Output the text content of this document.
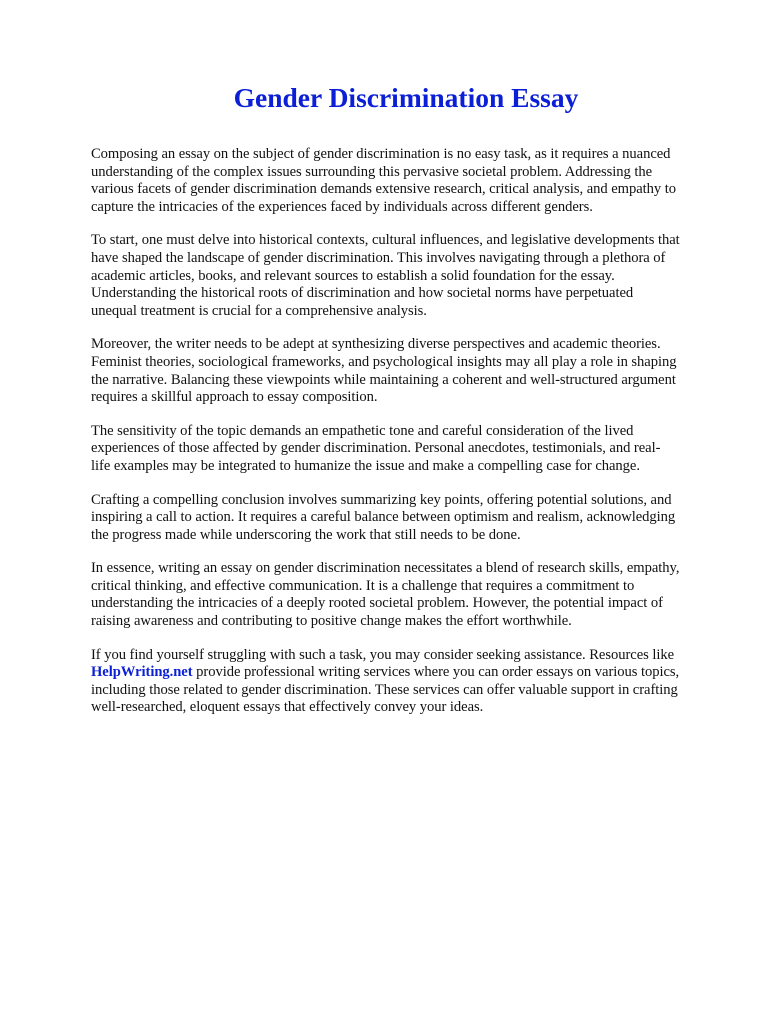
Gender Discrimination Essay

Composing an essay on the subject of gender discrimination is no easy task, as it requires a nuanced
understanding of the complex issues surrounding this pervasive societal problem. Addressing the
various facets of gender discrimination demands extensive research, critical analysis, and empathy to
capture the intricacies of the experiences faced by individuals across different genders.

To start, one must delve into historical contexts, cultural influences, and legislative developments that
have shaped the landscape of gender discrimination. This involves navigating through a plethora of
academic articles, books, and relevant sources to establish a solid foundation for the essay.
Understanding the historical roots of discrimination and how societal norms have perpetuated
unequal treatment is crucial for a comprehensive analysis.

Moreover, the writer needs to be adept at synthesizing diverse perspectives and academic theories.
Feminist theories, sociological frameworks, and psychological insights may all play a role in shaping
the narrative. Balancing these viewpoints while maintaining a coherent and well-structured argument
requires a skillful approach to essay composition.

The sensitivity of the topic demands an empathetic tone and careful consideration of the lived
experiences of those affected by gender discrimination. Personal anecdotes, testimonials, and real-
life examples may be integrated to humanize the issue and make a compelling case for change.

Crafting a compelling conclusion involves summarizing key points, offering potential solutions, and
inspiring a call to action. It requires a careful balance between optimism and realism, acknowledging
the progress made while underscoring the work that still needs to be done.

In essence, writing an essay on gender discrimination necessitates a blend of research skills, empathy,
critical thinking, and effective communication. It is a challenge that requires a commitment to
understanding the intricacies of a deeply rooted societal problem. However, the potential impact of
raising awareness and contributing to positive change makes the effort worthwhile.

If you find yourself struggling with such a task, you may consider seeking assistance. Resources like
HelpWriting.net provide professional writing services where you can order essays on various topics,
including those related to gender discrimination. These services can offer valuable support in crafting
well-researched, eloquent essays that effectively convey your ideas.
